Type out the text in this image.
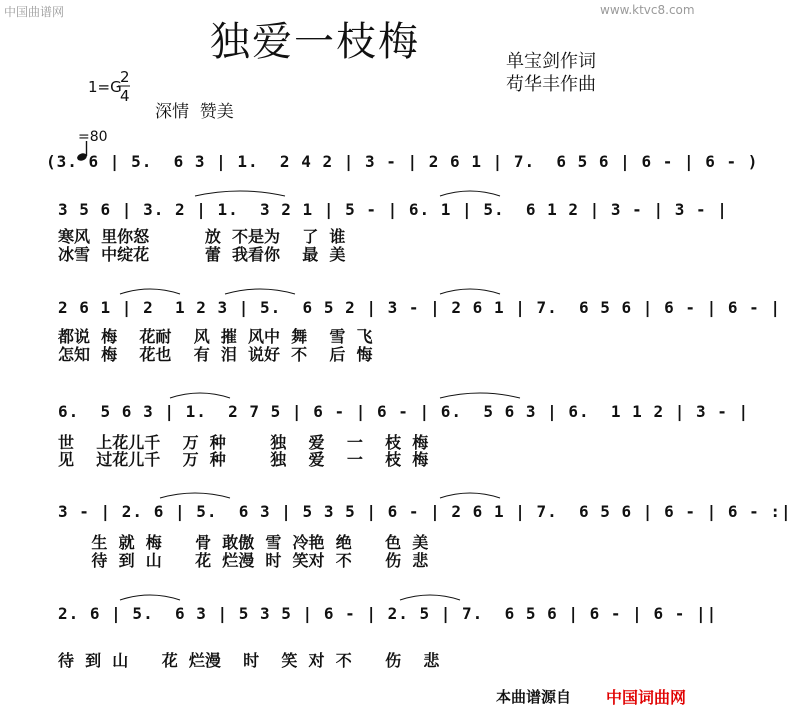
中国曲谱网	www.ktvc8.com
独爱一枝梅	单宝剑作词
苟华丰作曲
1=G
2
4
深情  赞美

=80
(3. 6 | 5.  6 3 | 1.  2 4 2 | 3 - | 2 6 1 | 7.  6 5 6 | 6 - | 6 - )
3 5 6 | 3. 2 | 1.  3 2 1 | 5 - | 6. 1 | 5.  6 1 2 | 3 - | 3 - |
寒风  里你怒          放  不是为    了  谁
冰雪  中绽花          蕾  我看你    最  美
2 6 1 | 2  1 2 3 | 5.  6 5 2 | 3 - | 2 6 1 | 7.  6 5 6 | 6 - | 6 - |
都说  梅    花耐    风  摧  风中  舞    雪  飞
怎知  梅    花也    有  泪  说好  不    后  悔
6.  5 6 3 | 1.  2 7 5 | 6 - | 6 - | 6.  5 6 3 | 6.  1 1 2 | 3 - |
世    上花儿千    万  种        独    爱    一    枝  梅
见    过花儿千    万  种        独    爱    一    枝  梅
3 - | 2. 6 | 5.  6 3 | 5 3 5 | 6 - | 2 6 1 | 7.  6 5 6 | 6 - | 6 - :|
生  就  梅      骨  敢傲  雪  冷艳  绝      色  美
待  到  山      花  烂漫  时  笑对  不      伤  悲
2. 6 | 5.  6 3 | 5 3 5 | 6 - | 2. 5 | 7.  6 5 6 | 6 - | 6 - ||
待  到  山      花  烂漫    时    笑  对  不      伤    悲
本曲谱源自 中国词曲网
